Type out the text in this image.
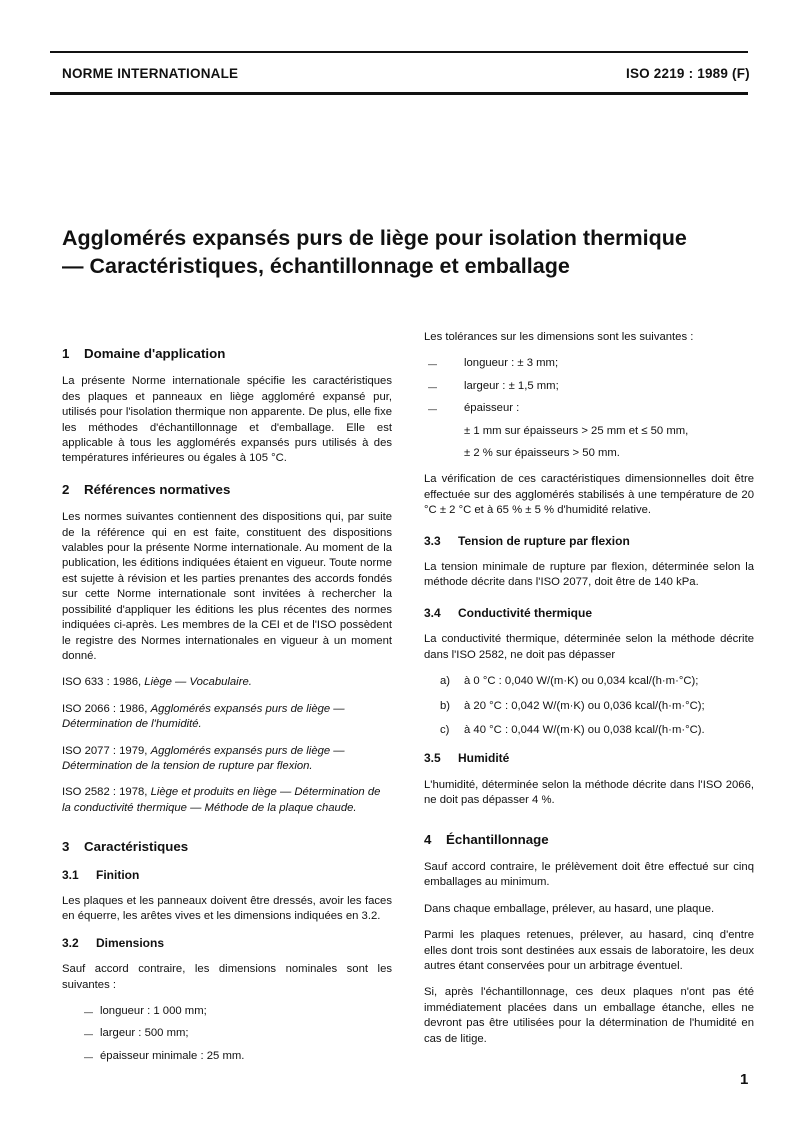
NORME INTERNATIONALE	ISO 2219 : 1989 (F)
Agglomérés expansés purs de liège pour isolation thermique — Caractéristiques, échantillonnage et emballage
1 Domaine d'application

La présente Norme internationale spécifie les caractéristiques des plaques et panneaux en liège aggloméré expansé pur, utilisés pour l'isolation thermique non apparente. De plus, elle fixe les méthodes d'échantillonnage et d'emballage. Elle est applicable à tous les agglomérés expansés purs utilisés à des températures inférieures ou égales à 105 °C.

2 Références normatives

Les normes suivantes contiennent des dispositions qui, par suite de la référence qui en est faite, constituent des dispositions valables pour la présente Norme internationale. Au moment de la publication, les éditions indiquées étaient en vigueur. Toute norme est sujette à révision et les parties prenantes des accords fondés sur cette Norme internationale sont invitées à rechercher la possibilité d'appliquer les éditions les plus récentes des normes indiquées ci-après. Les membres de la CEI et de l'ISO possèdent le registre des Normes internationales en vigueur à un moment donné.

ISO 633 : 1986, Liège — Vocabulaire.
ISO 2066 : 1986, Agglomérés expansés purs de liège — Détermination de l'humidité.
ISO 2077 : 1979, Agglomérés expansés purs de liège — Détermination de la tension de rupture par flexion.
ISO 2582 : 1978, Liège et produits en liège — Détermination de la conductivité thermique — Méthode de la plaque chaude.
3 Caractéristiques
3.1 Finition

Les plaques et les panneaux doivent être dressés, avoir les faces en équerre, les arêtes vives et les dimensions indiquées en 3.2.

3.2 Dimensions

Sauf accord contraire, les dimensions nominales sont les suivantes :

— longueur : 1 000 mm;
— largeur : 500 mm;
— épaisseur minimale : 25 mm.

Les tolérances sur les dimensions sont les suivantes :

— longueur : ± 3 mm;
— largeur : ± 1,5 mm;
— épaisseur :
± 1 mm sur épaisseurs > 25 mm et ≤ 50 mm,
± 2 % sur épaisseurs > 50 mm.

La vérification de ces caractéristiques dimensionnelles doit être effectuée sur des agglomérés stabilisés à une température de 20 °C ± 2 °C et à 65 % ± 5 % d'humidité relative.

3.3 Tension de rupture par flexion

La tension minimale de rupture par flexion, déterminée selon la méthode décrite dans l'ISO 2077, doit être de 140 kPa.

3.4 Conductivité thermique

La conductivité thermique, déterminée selon la méthode décrite dans l'ISO 2582, ne doit pas dépasser

a) à 0 °C : 0,040 W/(m·K) ou 0,034 kcal/(h·m·°C);
b) à 20 °C : 0,042 W/(m·K) ou 0,036 kcal/(h·m·°C);
c) à 40 °C : 0,044 W/(m·K) ou 0,038 kcal/(h·m·°C).
3.5 Humidité

L'humidité, déterminée selon la méthode décrite dans l'ISO 2066, ne doit pas dépasser 4 %.

4 Échantillonnage

Sauf accord contraire, le prélèvement doit être effectué sur cinq emballages au minimum.

Dans chaque emballage, prélever, au hasard, une plaque.

Parmi les plaques retenues, prélever, au hasard, cinq d'entre elles dont trois sont destinées aux essais de laboratoire, les deux autres étant conservées pour un arbitrage éventuel.

Si, après l'échantillonnage, ces deux plaques n'ont pas été immédiatement placées dans un emballage étanche, elles ne devront pas être utilisées pour la détermination de l'humidité en cas de litige.

1
